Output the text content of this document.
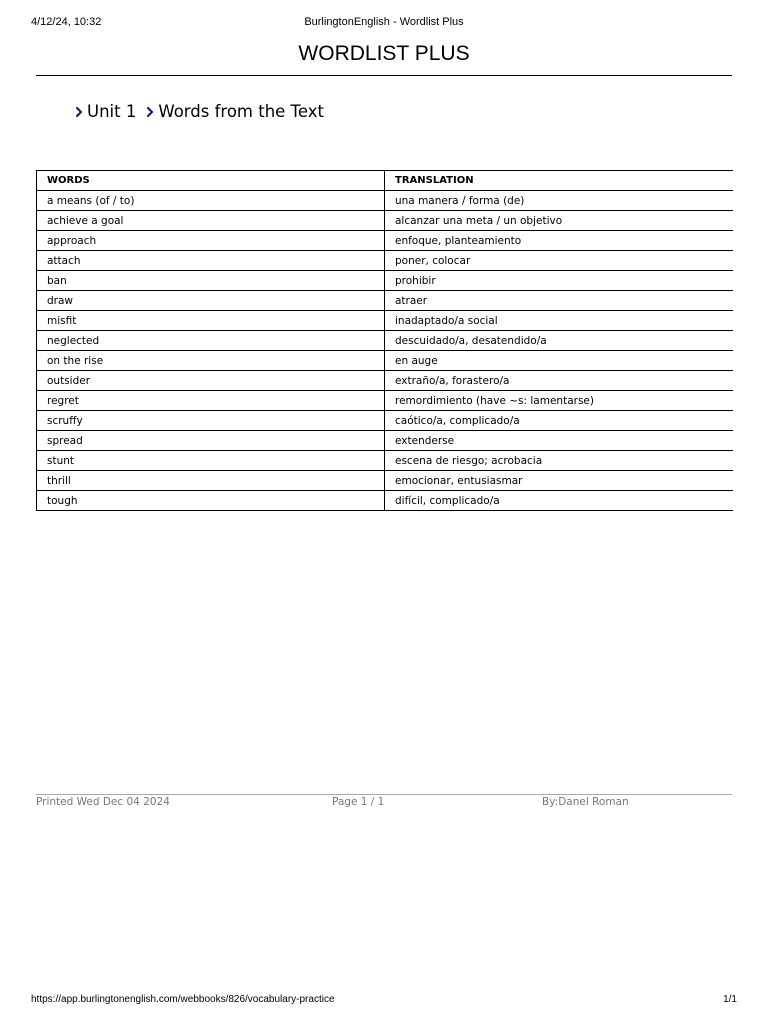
4/12/24, 10:32	BurlingtonEnglish - Wordlist Plus
WORDLIST PLUS
Unit 1 Words from the Text
WORDS	TRANSLATION
a means (of / to)	una manera / forma (de)
achieve a goal	alcanzar una meta / un objetivo
approach	enfoque, planteamiento
attach	poner, colocar
ban	prohibir
draw	atraer
misfit	inadaptado/a social
neglected	descuidado/a, desatendido/a
on the rise	en auge
outsider	extraño/a, forastero/a
regret	remordimiento (have ~s: lamentarse)
scruffy	caótico/a, complicado/a
spread	extenderse
stunt	escena de riesgo; acrobacia
thrill	emocionar, entusiasmar
tough	difícil, complicado/a
Printed Wed Dec 04 2024	Page 1 / 1	By:Danel Roman
https://app.burlingtonenglish.com/webbooks/826/vocabulary-practice	1/1
